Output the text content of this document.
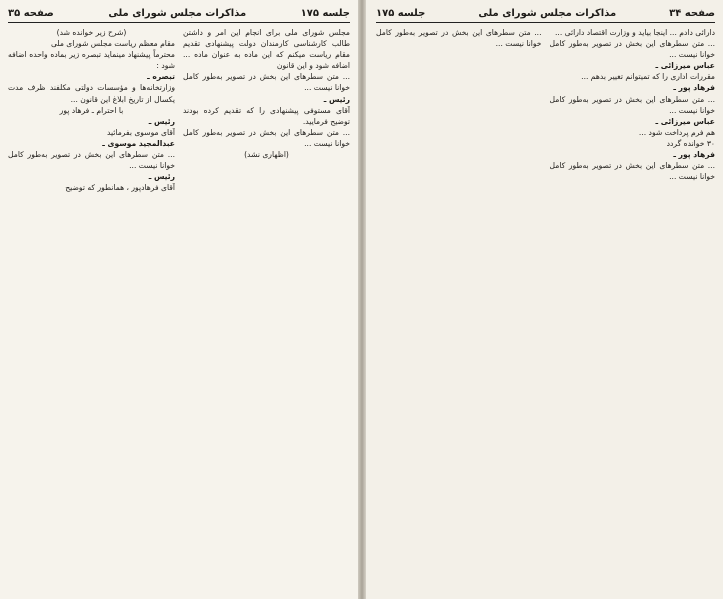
جلسه ۱۷۵
مذاکرات مجلس شورای ملی
صفحه ۳۵

مجلس شورای ملی برای انجام این امر و داشتن طالب کارشناسی کارمندان دولت پیشنهادی تقدیم مقام ریاست میکنم که این ماده به عنوان ماده ... اضافه شود و این قانون

... متن سطرهای این بخش در تصویر به‌طور کامل خوانا نیست ...

رئیس ـ

آقای مستوفی پیشنهادی را که تقدیم کرده بودند توضیح فرمایید.

... متن سطرهای این بخش در تصویر به‌طور کامل خوانا نیست ...

(اظهاری نشد)

(شرح زیر خوانده شد)

مقام معظم ریاست مجلس شورای ملی

محترماً پیشنهاد مینماید تبصره زیر بماده واحده اضافه شود :

تبصره ـ

وزارتخانه‌ها و مؤسسات دولتی مکلفند ظرف مدت یکسال از تاریخ ابلاغ این قانون ...

با احترام ـ فرهاد پور

رئیس ـ

آقای موسوی بفرمائید

عبدالمجید موسوی ـ

... متن سطرهای این بخش در تصویر به‌طور کامل خوانا نیست ...

رئیس ـ

آقای فرهادپور ، همانطور که توضیح

صفحه ۳۴
مذاکرات مجلس شورای ملی
جلسه ۱۷۵

دارائی دادم ... اینجا بیاید و وزارت اقتصاد دارائی ...

... متن سطرهای این بخش در تصویر به‌طور کامل خوانا نیست ...

عباس میرزائی ـ

مقررات اداری را که تمیتوانم تغییر بدهم ...

فرهاد پور ـ

... متن سطرهای این بخش در تصویر به‌طور کامل خوانا نیست ...

عباس میرزائی ـ

هم فرم پرداخت شود ...

۳۰ خوانده گردد

فرهاد پور ـ

... متن سطرهای این بخش در تصویر به‌طور کامل خوانا نیست ...

... متن سطرهای این بخش در تصویر به‌طور کامل خوانا نیست ...
